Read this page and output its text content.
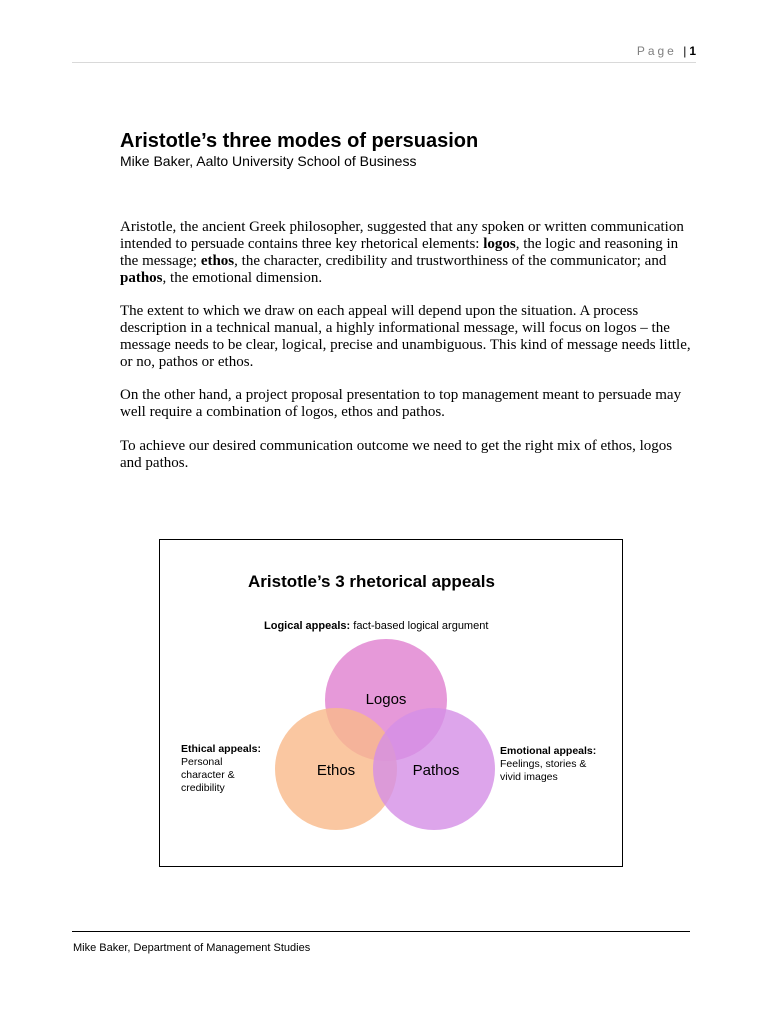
Page | 1
Aristotle’s three modes of persuasion

Mike Baker, Aalto University School of Business

Aristotle, the ancient Greek philosopher, suggested that any spoken or written communication intended to persuade contains three key rhetorical elements: logos, the logic and reasoning in the message; ethos, the character, credibility and trustworthiness of the communicator; and pathos, the emotional dimension.

The extent to which we draw on each appeal will depend upon the situation. A process description in a technical manual, a highly informational message, will focus on logos – the message needs to be clear, logical, precise and unambiguous. This kind of message needs little, or no, pathos or ethos.

On the other hand, a project proposal presentation to top management meant to persuade may well require a combination of logos, ethos and pathos.

To achieve our desired communication outcome we need to get the right mix of ethos, logos and pathos.

Aristotle’s 3 rhetorical appeals
Logical appeals: fact-based logical argument
Logos
Ethos	Pathos
Ethical appeals:
Personal
character &
credibility
Emotional appeals:
Feelings, stories &
vivid images

Mike Baker, Department of Management Studies
